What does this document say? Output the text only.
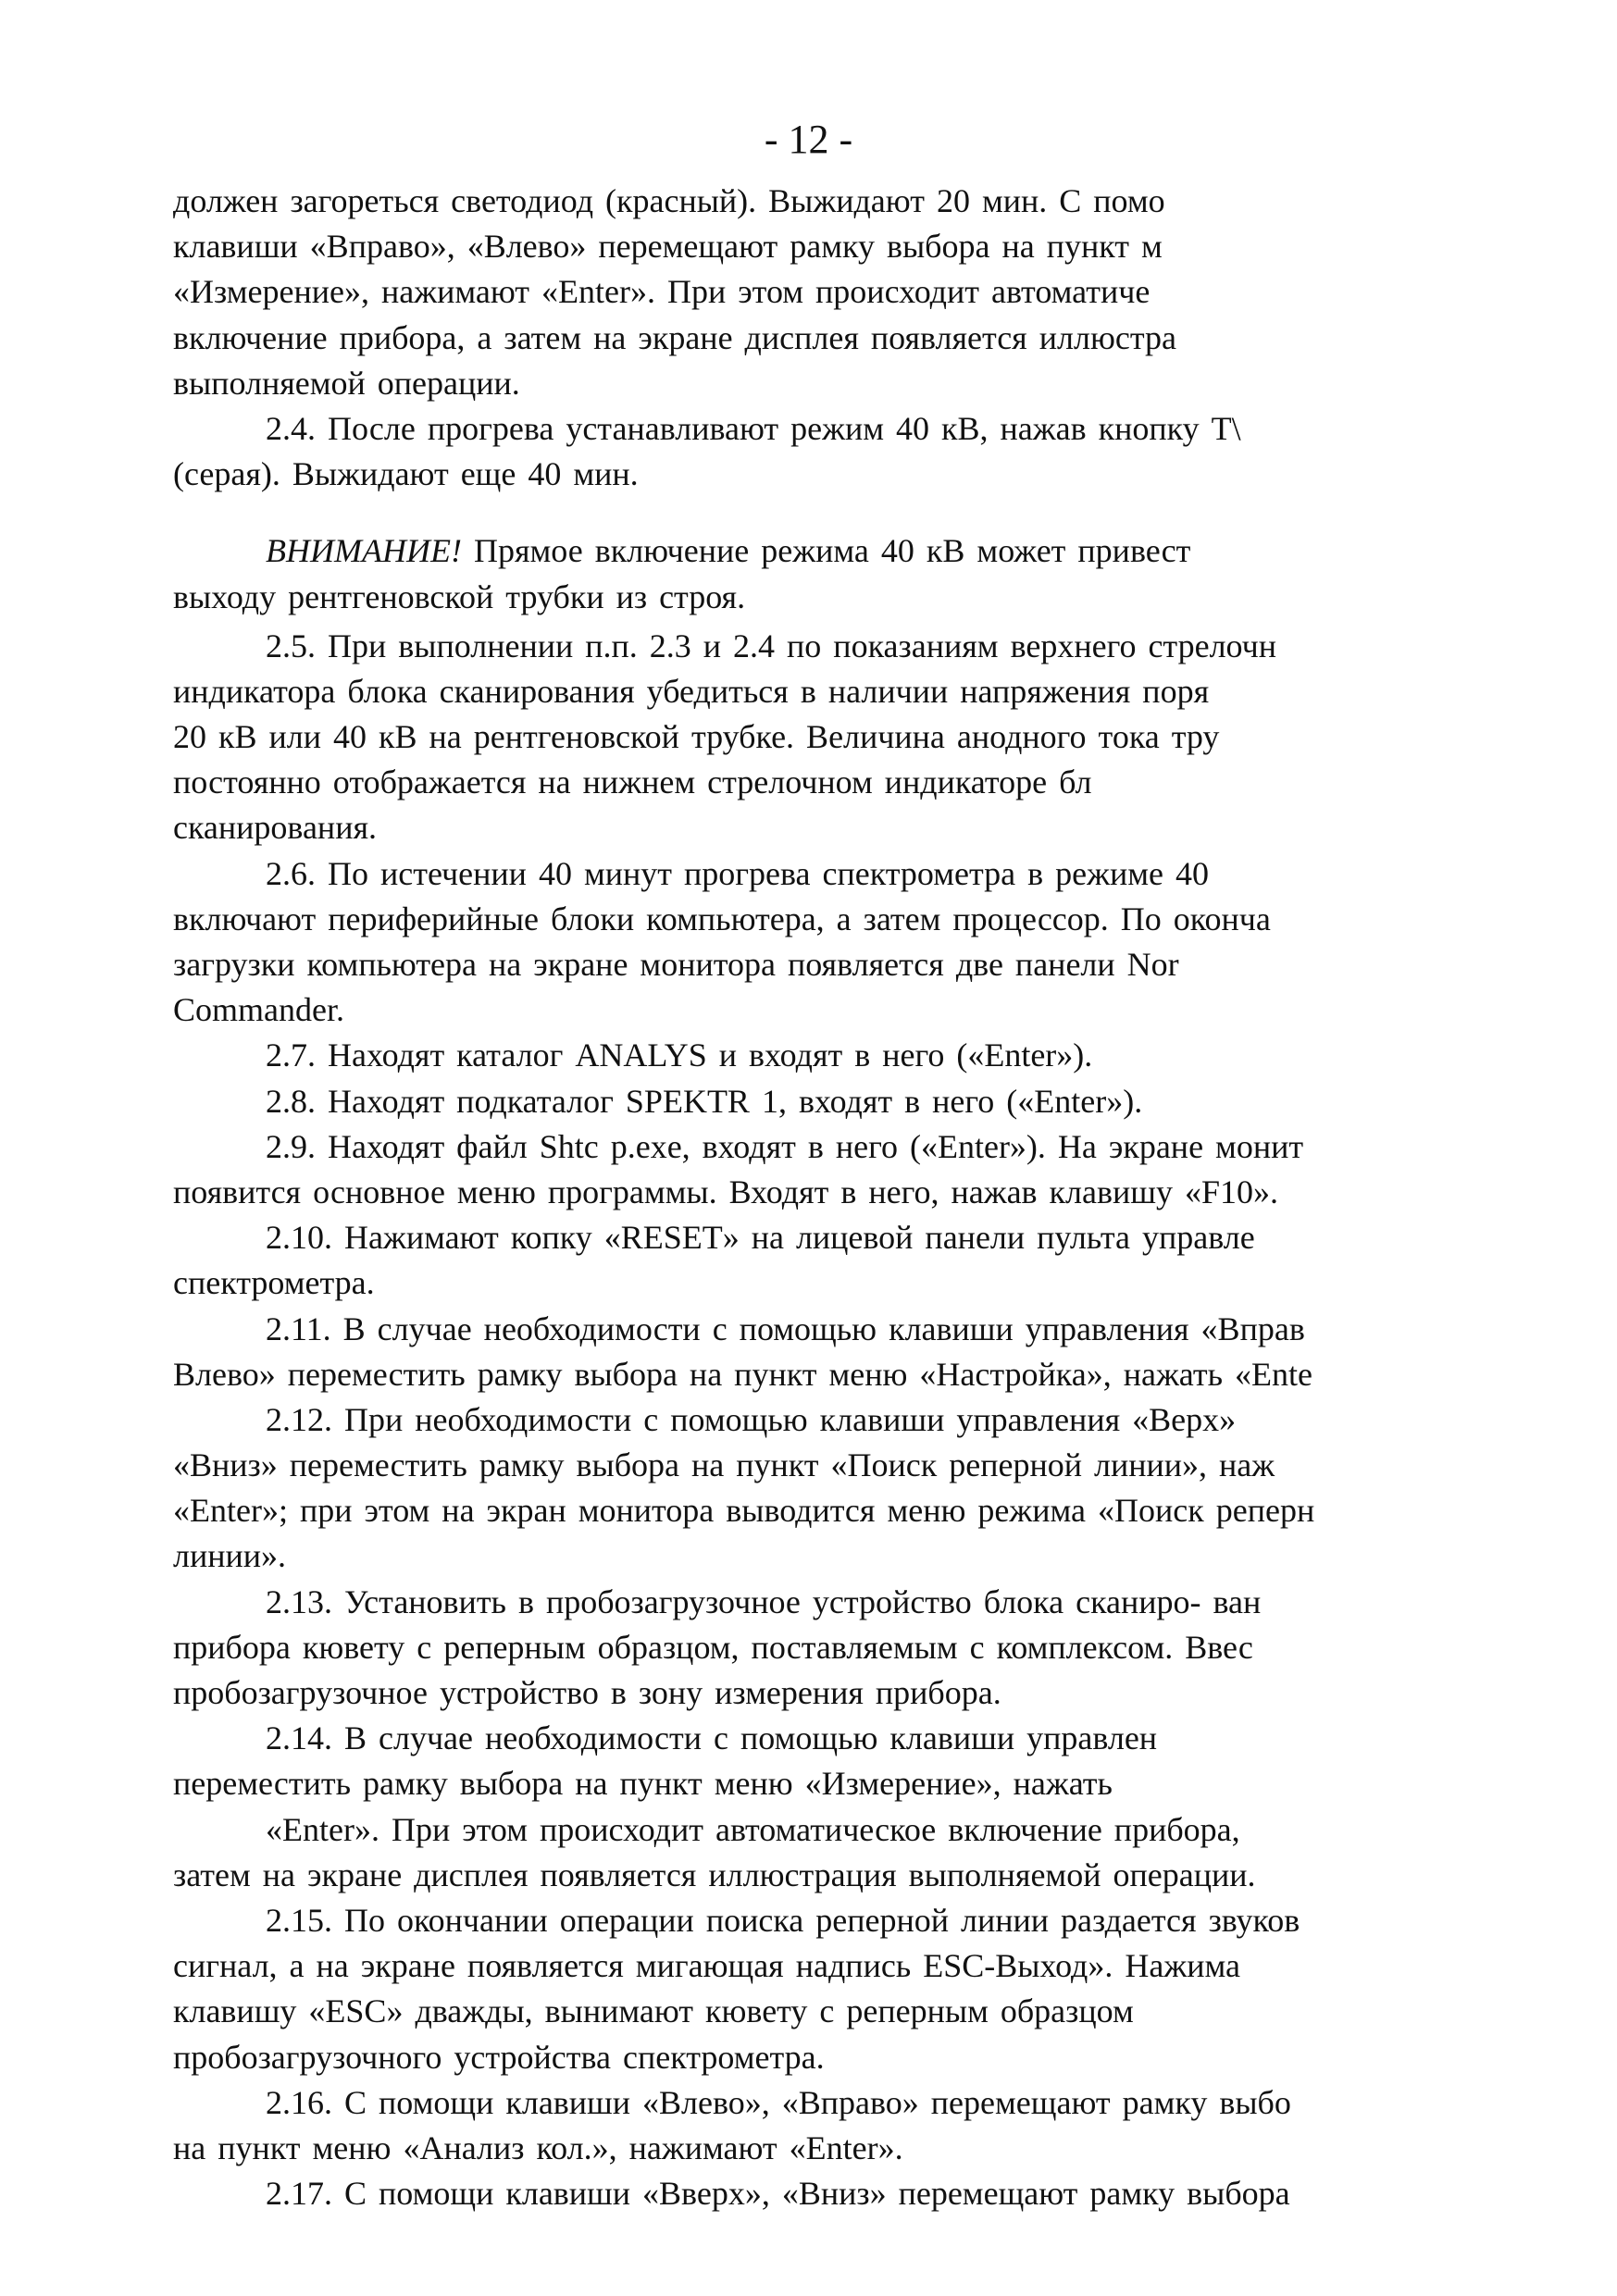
- 12 -
должен загореться светодиод (красный). Выжидают 20 мин. С помо
клавиши «Вправо», «Влево» перемещают рамку выбора на пункт м
«Измерение», нажимают «Enter». При этом происходит автоматиче
включение прибора, а затем на экране дисплея появляется иллюстра
выполняемой операции.
2.4. После прогрева устанавливают режим 40 кВ, нажав кнопку T\
(серая). Выжидают еще 40 мин.
ВНИМАНИЕ! Прямое включение режима 40 кВ может привест
выходу рентгеновской трубки из строя.
2.5. При выполнении п.п. 2.3 и 2.4 по показаниям верхнего стрелочн
индикатора блока сканирования убедиться в наличии напряжения поря
20 кВ или 40 кВ на рентгеновской трубке. Величина анодного тока тру
постоянно отображается на нижнем стрелочном индикаторе бл
сканирования.
2.6. По истечении 40 минут прогрева спектрометра в режиме 40
включают периферийные блоки компьютера, а затем процессор. По оконча
загрузки компьютера на экране монитора появляется две панели Nor
Commander.
2.7. Находят каталог ANALYS и входят в него («Enter»).
2.8. Находят подкаталог SPEKTR 1, входят в него («Enter»).
2.9. Находят файл Shtc p.exe, входят в него («Enter»). На экране монит
появится основное меню программы. Входят в него, нажав клавишу «F10».
2.10. Нажимают копку «RESET» на лицевой панели пульта управле
спектрометра.
2.11. В случае необходимости с помощью клавиши управления «Вправ
Влево» переместить рамку выбора на пункт меню «Настройка», нажать «Ente
2.12. При необходимости с помощью клавиши управления «Верх»
«Вниз» переместить рамку выбора на пункт «Поиск реперной линии», наж
«Enter»; при этом на экран монитора выводится меню режима «Поиск реперн
линии».
2.13. Установить в пробозагрузочное устройство блока сканиро- ван
прибора кювету с реперным образцом, поставляемым с комплексом. Ввес
пробозагрузочное устройство в зону измерения прибора.
2.14. В случае необходимости с помощью клавиши управлен
переместить рамку выбора на пункт меню «Измерение», нажать
«Enter». При этом происходит автоматическое включение прибора,
затем на экране дисплея появляется иллюстрация выполняемой операции.
2.15. По окончании операции поиска реперной линии раздается звуков
сигнал, а на экране появляется мигающая надпись ESC-Выход». Нажима
клавишу «ESC» дважды, вынимают кювету с реперным образцом
пробозагрузочного устройства спектрометра.
2.16. С помощи клавиши «Влево», «Вправо» перемещают рамку выбо
на пункт меню «Анализ кол.», нажимают «Enter».
2.17. С помощи клавиши «Вверх», «Вниз» перемещают рамку выбора
